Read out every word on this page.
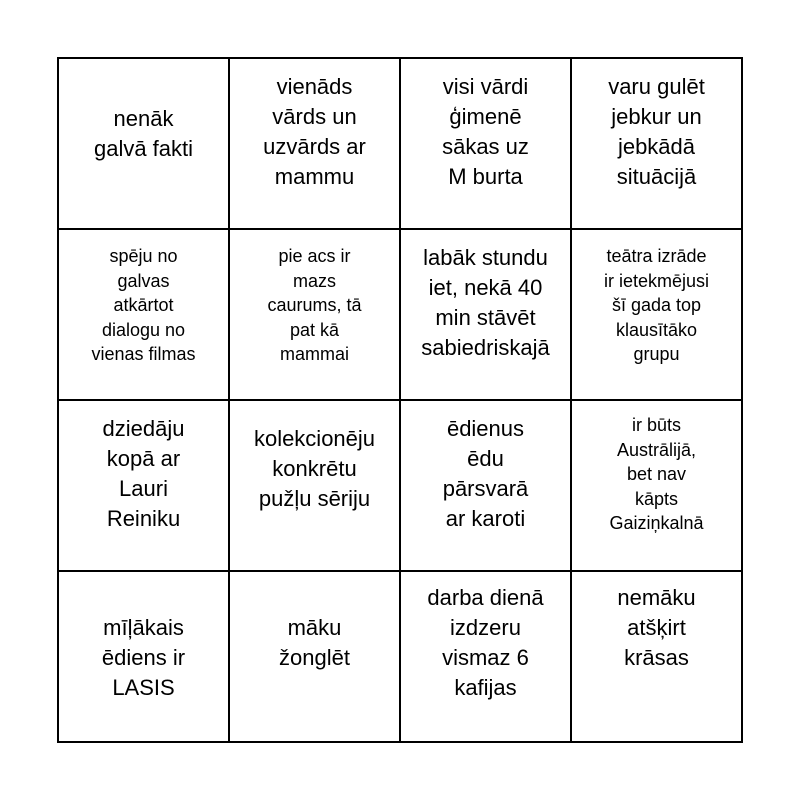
nenāk
galvā fakti
vienāds
vārds un
uzvārds ar
mammu
visi vārdi
ģimenē
sākas uz
M burta
varu gulēt
jebkur un
jebkādā
situācijā
spēju no
galvas
atkārtot
dialogu no
vienas filmas
pie acs ir
mazs
caurums, tā
pat kā
mammai
labāk stundu
iet, nekā 40
min stāvēt
sabiedriskajā
teātra izrāde
ir ietekmējusi
šī gada top
klausītāko
grupu
dziedāju
kopā ar
Lauri
Reiniku
kolekcionēju
konkrētu
pužļu sēriju
ēdienus
ēdu
pārsvarā
ar karoti
ir būts
Austrālijā,
bet nav
kāpts
Gaiziņkalnā
mīļākais
ēdiens ir
LASIS
māku
žonglēt
darba dienā
izdzeru
vismaz 6
kafijas
nemāku
atšķirt
krāsas
